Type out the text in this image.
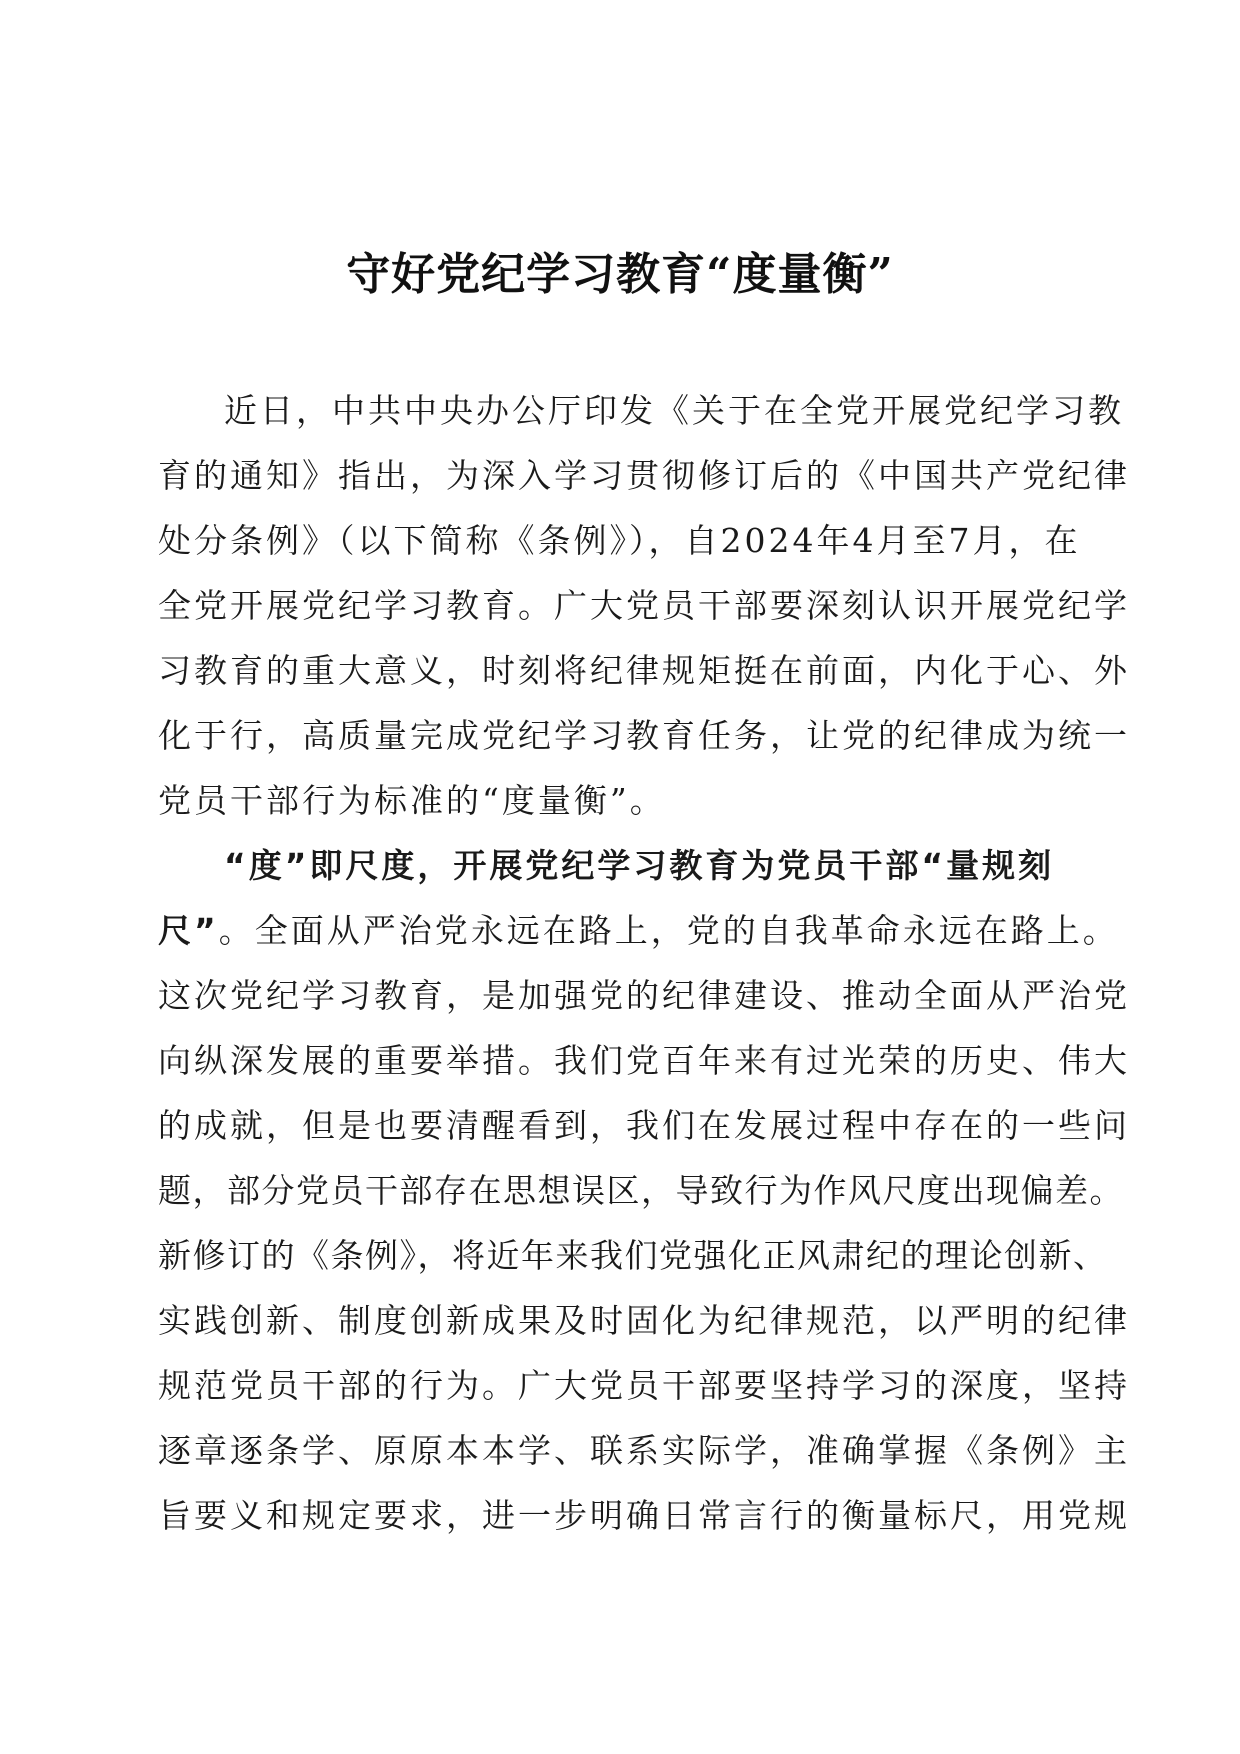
守好党纪学习教育“度量衡”
近日，中共中央办公厅印发《关于在全党开展党纪学习教
育的通知》指出，为深入学习贯彻修订后的《中国共产党纪律
处分条例》（以下简称《条例》），自2024年4月至7月，在
全党开展党纪学习教育。广大党员干部要深刻认识开展党纪学
习教育的重大意义，时刻将纪律规矩挺在前面，内化于心、外
化于行，高质量完成党纪学习教育任务，让党的纪律成为统一
党员干部行为标准的“度量衡”。
“度”即尺度，开展党纪学习教育为党员干部“量规刻
尺”。全面从严治党永远在路上，党的自我革命永远在路上。
这次党纪学习教育，是加强党的纪律建设、推动全面从严治党
向纵深发展的重要举措。我们党百年来有过光荣的历史、伟大
的成就，但是也要清醒看到，我们在发展过程中存在的一些问
题，部分党员干部存在思想误区，导致行为作风尺度出现偏差。
新修订的《条例》，将近年来我们党强化正风肃纪的理论创新、
实践创新、制度创新成果及时固化为纪律规范，以严明的纪律
规范党员干部的行为。广大党员干部要坚持学习的深度，坚持
逐章逐条学、原原本本学、联系实际学，准确掌握《条例》主
旨要义和规定要求，进一步明确日常言行的衡量标尺，用党规
